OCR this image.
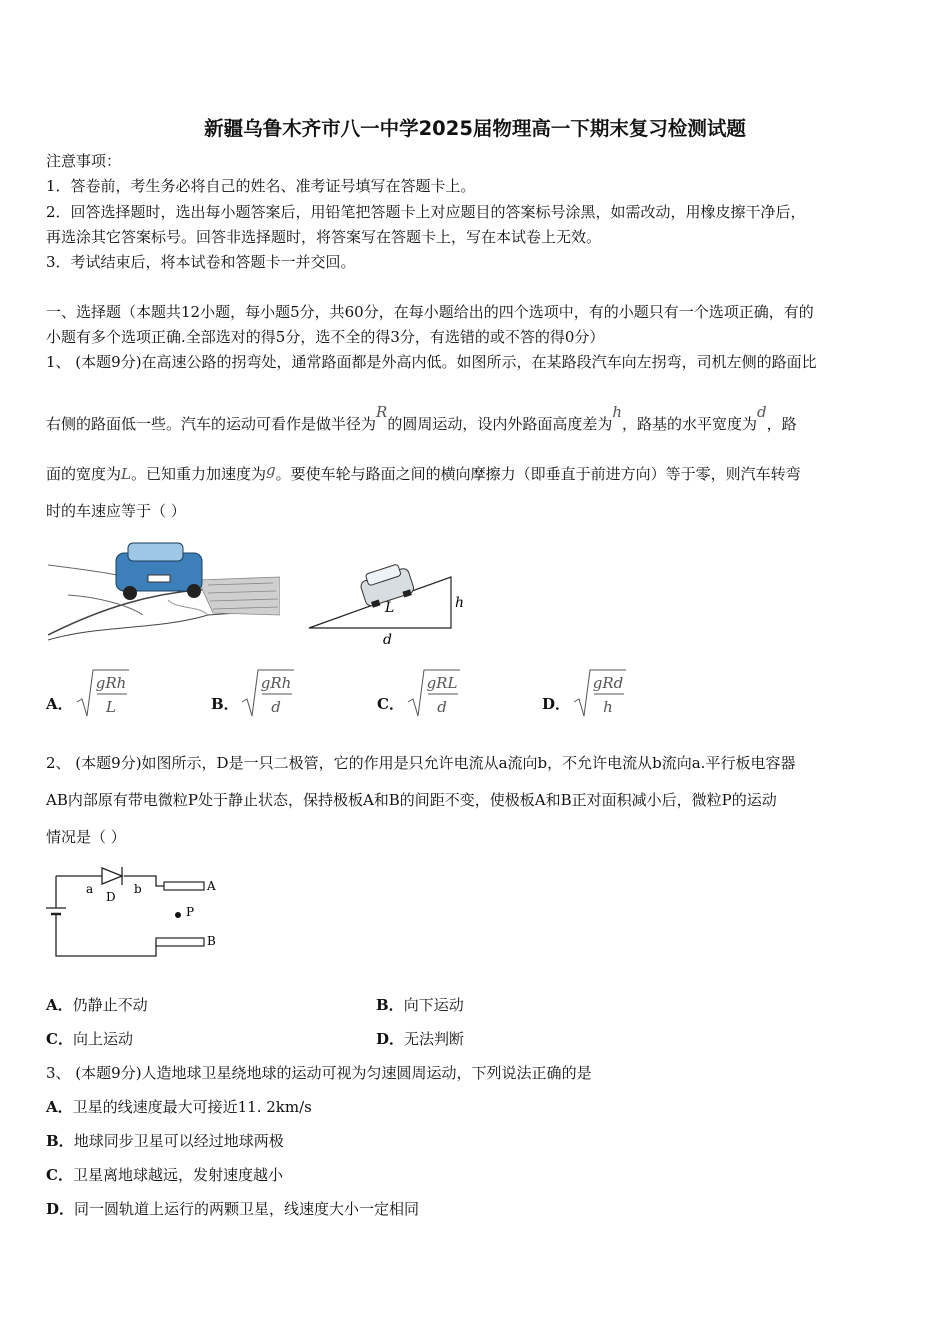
新疆乌鲁木齐市八一中学2025届物理高一下期末复习检测试题
注意事项：
1．答卷前，考生务必将自己的姓名、准考证号填写在答题卡上。
2．回答选择题时，选出每小题答案后，用铅笔把答题卡上对应题目的答案标号涂黑，如需改动，用橡皮擦干净后，
再选涂其它答案标号。回答非选择题时，将答案写在答题卡上，写在本试卷上无效。
3．考试结束后，将本试卷和答题卡一并交回。
一、选择题（本题共12小题，每小题5分，共60分，在每小题给出的四个选项中，有的小题只有一个选项正确，有的
小题有多个选项正确.全部选对的得5分，选不全的得3分，有选错的或不答的得0分）
1、 (本题9分)在高速公路的拐弯处，通常路面都是外高内低。如图所示，在某路段汽车向左拐弯，司机左侧的路面比
右侧的路面低一些。汽车的运动可看作是做半径为R的圆周运动，设内外路面高度差为h，路基的水平宽度为d，路
面的宽度为L。已知重力加速度为g。要使车轮与路面之间的横向摩擦力（即垂直于前进方向）等于零，则汽车转弯
时的车速应等于（ ）
L	h
d
A．
gRh
L	B．
gRh
d	C．
gRL
d	D．
gRd
h
2、 (本题9分)如图所示，D是一只二极管，它的作用是只允许电流从a流向b，不允许电流从b流向a.平行板电容器
AB内部原有带电微粒P处于静止状态，保持极板A和B的间距不变，使极板A和B正对面积减小后，微粒P的运动
情况是（ ）
a
D
b	A
P
B
A．仍静止不动	B．向下运动
C．向上运动	D．无法判断
3、 (本题9分)人造地球卫星绕地球的运动可视为匀速圆周运动，下列说法正确的是
A．卫星的线速度最大可接近11. 2km/s
B．地球同步卫星可以经过地球两极
C．卫星离地球越远，发射速度越小
D．同一圆轨道上运行的两颗卫星，线速度大小一定相同
